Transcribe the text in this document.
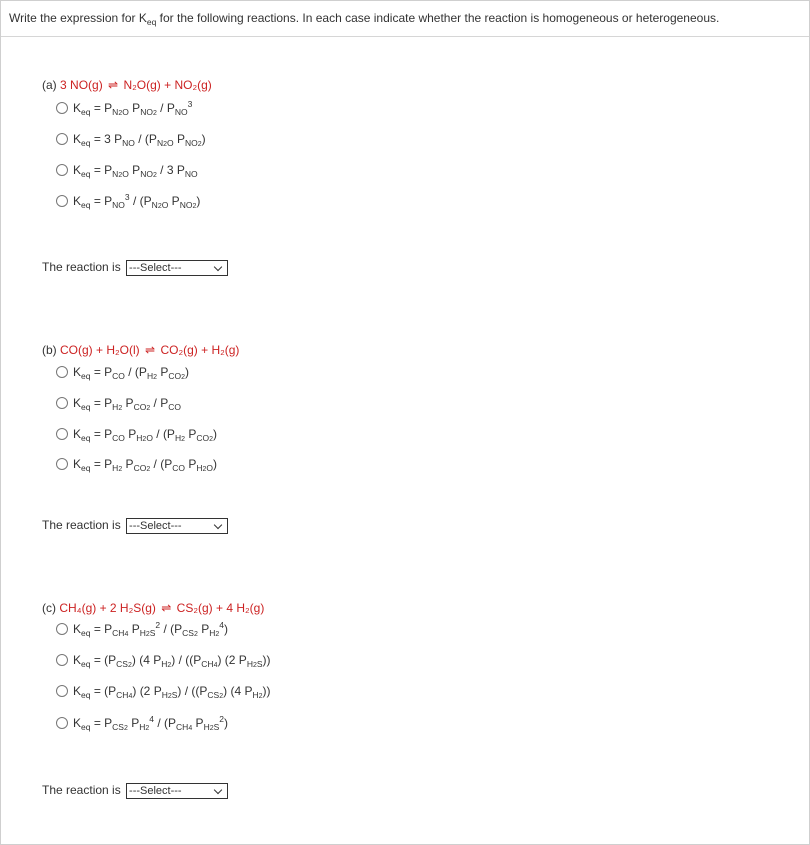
Write the expression for $K_{eq}$ for the following reactions. In each case indicate whether the reaction is homogeneous or heterogeneous.
(a) 3 NO(g) ⇌ N₂O(g) + NO₂(g)
$K_{eq} = P_{N2O}$ $P_{NO2} / P_{NO}^3$
$K_{eq} = 3$ $P_{NO} / (P_{N2O}$ $P_{NO2}$)
$K_{eq} = P_{N2O}$ $P_{NO2} / 3$ $P_{NO}$
$K_{eq} = P_{NO}^3 / (P_{N2O}$ $P_{NO2}$)
The reaction is ---Select---
(b) CO(g) + H₂O(l) ⇌ CO₂(g) + H₂(g)
$K_{eq} = P_{CO} / (P_{H2}$ $P_{CO2}$)
$K_{eq} = P_{H2}$ $P_{CO2} / P_{CO}$
$K_{eq} = P_{CO}$ $P_{H2O} / (P_{H2}$ $P_{CO2}$)
$K_{eq} = P_{H2}$ $P_{CO2} / (P_{CO}$ $P_{H2O}$)
The reaction is ---Select---
(c) CH₄(g) + 2 H₂S(g) ⇌ CS₂(g) + 4 H₂(g)
$K_{eq} = P_{CH4}$ $P_{H2S}^2 / (P_{CS2}$ $P_{H2}^4$)
$K_{eq} = (P_{CS2})$ (4 $P_{H2}) / ((P_{CH4})$ (2 $P_{H2S}$))
$K_{eq} = (P_{CH4})$ (2 $P_{H2S}) / ((P_{CS2})$ (4 $P_{H2}$))
$K_{eq} = P_{CS2}$ $P_{H2}^4 / (P_{CH4}$ $P_{H2S}^2$)
The reaction is ---Select---
